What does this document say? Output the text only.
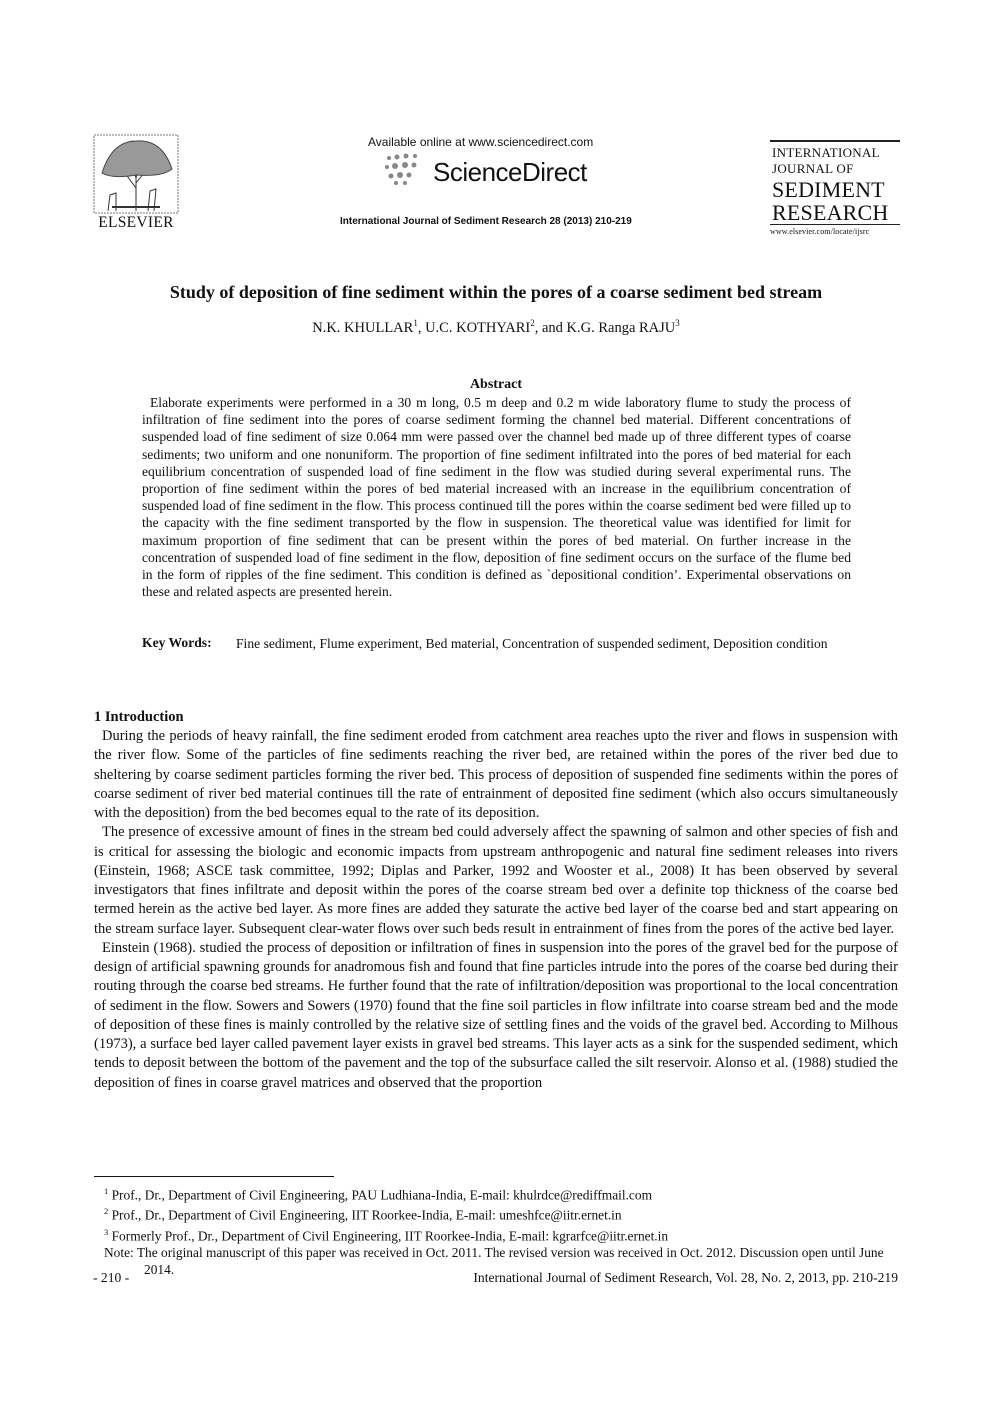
ELSEVIER
Available online at www.sciencedirect.com
ScienceDirect
International Journal of Sediment Research 28 (2013) 210-219
INTERNATIONAL
JOURNAL OF
SEDIMENT
RESEARCH
www.elsevier.com/locate/ijsrc
Study of deposition of fine sediment within the pores of a coarse sediment bed stream
N.K. KHULLAR$^1$, U.C. KOTHYARI$^2$, and K.G. Ranga RAJU$^3$
Abstract
Elaborate experiments were performed in a 30 m long, 0.5 m deep and 0.2 m wide laboratory flume to study the process of infiltration of fine sediment into the pores of coarse sediment forming the channel bed material. Different concentrations of suspended load of fine sediment of size 0.064 mm were passed over the channel bed made up of three different types of coarse sediments; two uniform and one nonuniform. The proportion of fine sediment infiltrated into the pores of bed material for each equilibrium concentration of suspended load of fine sediment in the flow was studied during several experimental runs. The proportion of fine sediment within the pores of bed material increased with an increase in the equilibrium concentration of suspended load of fine sediment in the flow. This process continued till the pores within the coarse sediment bed were filled up to the capacity with the fine sediment transported by the flow in suspension. The theoretical value was identified for limit for maximum proportion of fine sediment that can be present within the pores of bed material. On further increase in the concentration of suspended load of fine sediment in the flow, deposition of fine sediment occurs on the surface of the flume bed in the form of ripples of the fine sediment. This condition is defined as `depositional condition’. Experimental observations on these and related aspects are presented herein.
Key Words: Fine sediment, Flume experiment, Bed material, Concentration of suspended sediment, Deposition condition
1 Introduction

During the periods of heavy rainfall, the fine sediment eroded from catchment area reaches upto the river and flows in suspension with the river flow. Some of the particles of fine sediments reaching the river bed, are retained within the pores of the river bed due to sheltering by coarse sediment particles forming the river bed. This process of deposition of suspended fine sediments within the pores of coarse sediment of river bed material continues till the rate of entrainment of deposited fine sediment (which also occurs simultaneously with the deposition) from the bed becomes equal to the rate of its deposition.

The presence of excessive amount of fines in the stream bed could adversely affect the spawning of salmon and other species of fish and is critical for assessing the biologic and economic impacts from upstream anthropogenic and natural fine sediment releases into rivers (Einstein, 1968; ASCE task committee, 1992; Diplas and Parker, 1992 and Wooster et al., 2008) It has been observed by several investigators that fines infiltrate and deposit within the pores of the coarse stream bed over a definite top thickness of the coarse bed termed herein as the active bed layer. As more fines are added they saturate the active bed layer of the coarse bed and start appearing on the stream surface layer. Subsequent clear-water flows over such beds result in entrainment of fines from the pores of the active bed layer.

Einstein (1968). studied the process of deposition or infiltration of fines in suspension into the pores of the gravel bed for the purpose of design of artificial spawning grounds for anadromous fish and found that fine particles intrude into the pores of the coarse bed during their routing through the coarse bed streams. He further found that the rate of infiltration/deposition was proportional to the local concentration of sediment in the flow. Sowers and Sowers (1970) found that the fine soil particles in flow infiltrate into coarse stream bed and the mode of deposition of these fines is mainly controlled by the relative size of settling fines and the voids of the gravel bed. According to Milhous (1973), a surface bed layer called pavement layer exists in gravel bed streams. This layer acts as a sink for the suspended sediment, which tends to deposit between the bottom of the pavement and the top of the subsurface called the silt reservoir. Alonso et al. (1988) studied the deposition of fines in coarse gravel matrices and observed that the proportion

$^1$ Prof., Dr., Department of Civil Engineering, PAU Ludhiana-India, E-mail: khulrdce@rediffmail.com

$^2$ Prof., Dr., Department of Civil Engineering, IIT Roorkee-India, E-mail: umeshfce@iitr.ernet.in

$^3$ Formerly Prof., Dr., Department of Civil Engineering, IIT Roorkee-India, E-mail: kgrarfce@iitr.ernet.in

Note: The original manuscript of this paper was received in Oct. 2011. The revised version was received in Oct. 2012. Discussion open until June 2014.

- 210 -	International Journal of Sediment Research, Vol. 28, No. 2, 2013, pp. 210-219
